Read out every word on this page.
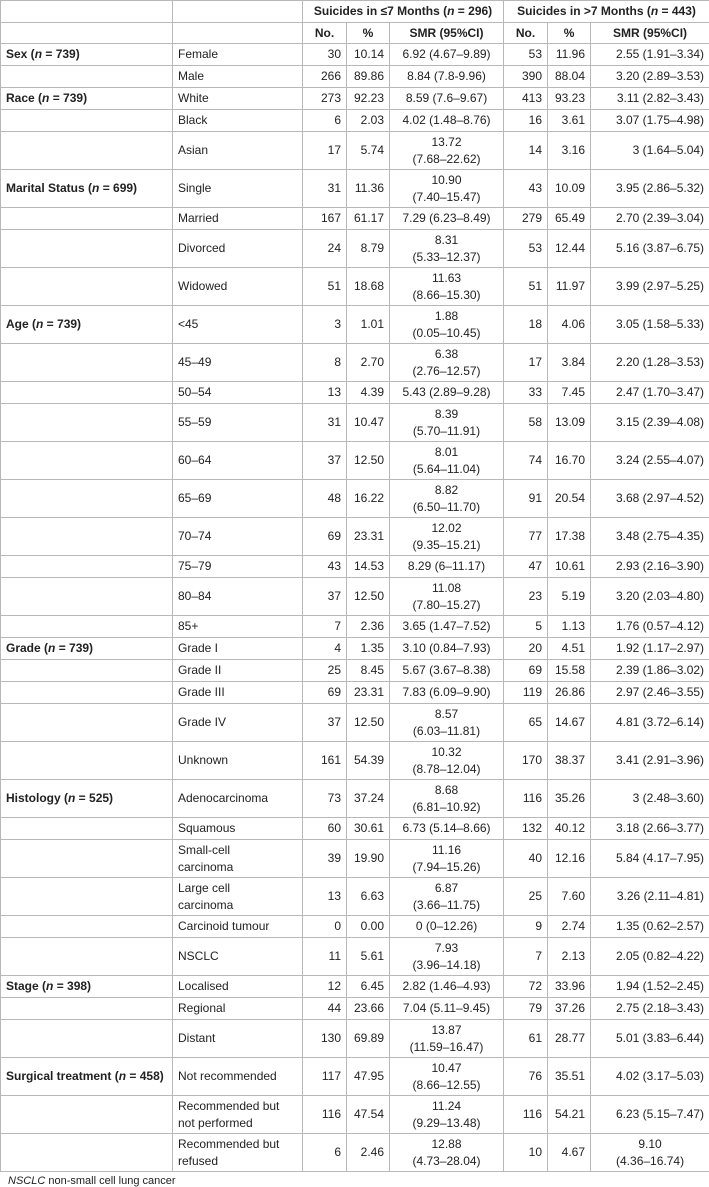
		Suicides in ≤7 Months (n = 296)			Suicides in >7 Months (n = 443)		
		No.	%	SMR (95%CI)	No.	%	SMR (95%CI)
Sex (n = 739)	Female	30	10.14	6.92 (4.67–9.89)	53	11.96	2.55 (1.91–3.34)
	Male	266	89.86	8.84 (7.8-9.96)	390	88.04	3.20 (2.89–3.53)
Race (n = 739)	White	273	92.23	8.59 (7.6–9.67)	413	93.23	3.11 (2.82–3.43)
	Black	6	2.03	4.02 (1.48–8.76)	16	3.61	3.07 (1.75–4.98)
	Asian	17	5.74	13.72
(7.68–22.62)	14	3.16	3 (1.64–5.04)
Marital Status (n = 699)	Single	31	11.36	10.90
(7.40–15.47)	43	10.09	3.95 (2.86–5.32)
	Married	167	61.17	7.29 (6.23–8.49)	279	65.49	2.70 (2.39–3.04)
	Divorced	24	8.79	8.31
(5.33–12.37)	53	12.44	5.16 (3.87–6.75)
	Widowed	51	18.68	11.63
(8.66–15.30)	51	11.97	3.99 (2.97–5.25)
Age (n = 739)	<45	3	1.01	1.88
(0.05–10.45)	18	4.06	3.05 (1.58–5.33)
	45–49	8	2.70	6.38
(2.76–12.57)	17	3.84	2.20 (1.28–3.53)
	50–54	13	4.39	5.43 (2.89–9.28)	33	7.45	2.47 (1.70–3.47)
	55–59	31	10.47	8.39
(5.70–11.91)	58	13.09	3.15 (2.39–4.08)
	60–64	37	12.50	8.01
(5.64–11.04)	74	16.70	3.24 (2.55–4.07)
	65–69	48	16.22	8.82
(6.50–11.70)	91	20.54	3.68 (2.97–4.52)
	70–74	69	23.31	12.02
(9.35–15.21)	77	17.38	3.48 (2.75–4.35)
	75–79	43	14.53	8.29 (6–11.17)	47	10.61	2.93 (2.16–3.90)
	80–84	37	12.50	11.08
(7.80–15.27)	23	5.19	3.20 (2.03–4.80)
	85+	7	2.36	3.65 (1.47–7.52)	5	1.13	1.76 (0.57–4.12)
Grade (n = 739)	Grade I	4	1.35	3.10 (0.84–7.93)	20	4.51	1.92 (1.17–2.97)
	Grade II	25	8.45	5.67 (3.67–8.38)	69	15.58	2.39 (1.86–3.02)
	Grade III	69	23.31	7.83 (6.09–9.90)	119	26.86	2.97 (2.46–3.55)
	Grade IV	37	12.50	8.57
(6.03–11.81)	65	14.67	4.81 (3.72–6.14)
	Unknown	161	54.39	10.32
(8.78–12.04)	170	38.37	3.41 (2.91–3.96)
Histology (n = 525)	Adenocarcinoma	73	37.24	8.68
(6.81–10.92)	116	35.26	3 (2.48–3.60)
	Squamous	60	30.61	6.73 (5.14–8.66)	132	40.12	3.18 (2.66–3.77)
	Small-cell
carcinoma	39	19.90	11.16
(7.94–15.26)	40	12.16	5.84 (4.17–7.95)
	Large cell
carcinoma	13	6.63	6.87
(3.66–11.75)	25	7.60	3.26 (2.11–4.81)
	Carcinoid tumour	0	0.00	0 (0–12.26)	9	2.74	1.35 (0.62–2.57)
	NSCLC	11	5.61	7.93
(3.96–14.18)	7	2.13	2.05 (0.82–4.22)
Stage (n = 398)	Localised	12	6.45	2.82 (1.46–4.93)	72	33.96	1.94 (1.52–2.45)
	Regional	44	23.66	7.04 (5.11–9.45)	79	37.26	2.75 (2.18–3.43)
	Distant	130	69.89	13.87
(11.59–16.47)	61	28.77	5.01 (3.83–6.44)
Surgical treatment (n = 458)	Not recommended	117	47.95	10.47
(8.66–12.55)	76	35.51	4.02 (3.17–5.03)
	Recommended but
not performed	116	47.54	11.24
(9.29–13.48)	116	54.21	6.23 (5.15–7.47)
	Recommended but
refused	6	2.46	12.88
(4.73–28.04)	10	4.67	9.10
(4.36–16.74)
NSCLC non-small cell lung cancer
